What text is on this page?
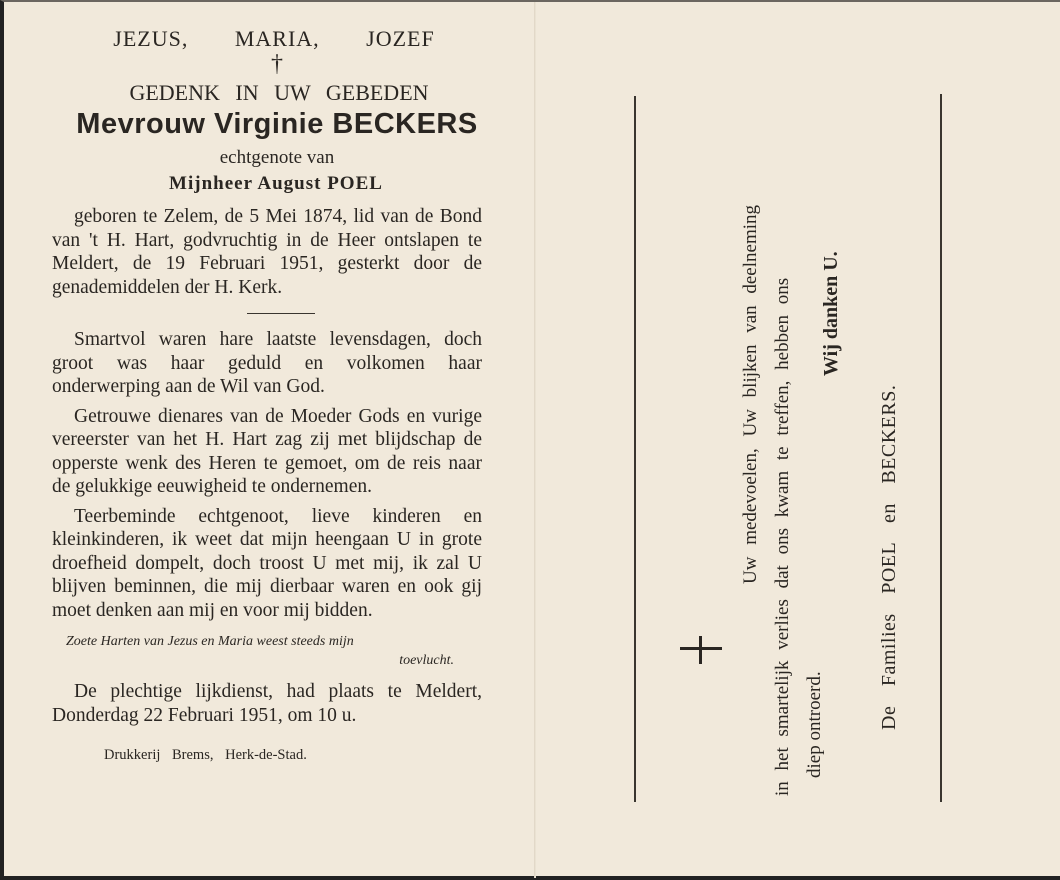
JEZUS, MARIA, JOZEF
†
GEDENK IN UW GEBEDEN
Mevrouw Virginie BECKERS
echtgenote van
Mijnheer August POEL

geboren te Zelem, de 5 Mei 1874, lid van de Bond van 't H. Hart, godvruchtig in de Heer ontslapen te Meldert, de 19 Februari 1951, gesterkt door de genademiddelen der H. Kerk.

Smartvol waren hare laatste levensdagen, doch groot was haar geduld en volkomen haar onderwerping aan de Wil van God.

Getrouwe dienares van de Moeder Gods en vurige vereerster van het H. Hart zag zij met blijdschap de opperste wenk des Heren te gemoet, om de reis naar de gelukkige eeuwigheid te ondernemen.

Teerbeminde echtgenoot, lieve kinderen en kleinkinderen, ik weet dat mijn heengaan U in grote droefheid dompelt, doch troost U met mij, ik zal U blijven beminnen, die mij dierbaar waren en ook gij moet denken aan mij en voor mij bidden.

Zoete Harten van Jezus en Maria weest steeds mijn
toevlucht.

De plechtige lijkdienst, had plaats te Meldert, Donderdag 22 Februari 1951, om 10 u.

Drukkerij Brems, Herk-de-Stad.
Uw medevoelen, Uw blijken van deelneming in het smartelijk verlies dat ons kwam te treffen, hebben ons diep ontroerd.
Wij danken U.
De Families POEL en BECKERS.
